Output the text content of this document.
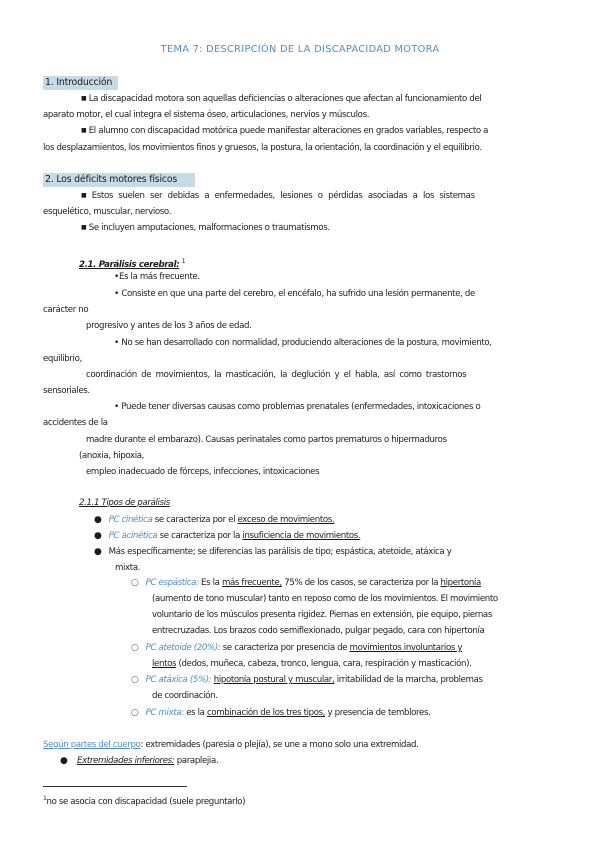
TEMA 7: DESCRIPCIÓN DE LA DISCAPACIDAD MOTORA
1. Introducción
■ La discapacidad motora son aquellas deficiencias o alteraciones que afectan al funcionamiento del
aparato motor, el cual integra el sistema óseo, articulaciones, nervios y músculos.
■ El alumno con discapacidad motórica puede manifestar alteraciones en grados variables, respecto a
los desplazamientos, los movimientos finos y gruesos, la postura, la orientación, la coordinación y el equilibrio.
2. Los déficits motores físicos
■ Estos suelen ser debidas a enfermedades, lesiones o pérdidas asociadas a los sistemas
esquelético, muscular, nervioso.
■ Se incluyen amputaciones, malformaciones o traumatismos.
2.1. Parálisis cerebral: $^1$
•Es la más frecuente.
• Consiste en que una parte del cerebro, el encéfalo, ha sufrido una lesión permanente, de
carácter no
progresivo y antes de los 3 años de edad.
• No se han desarrollado con normalidad, produciendo alteraciones de la postura, movimiento,
equilibrio,
coordinación de movimientos, la masticación, la deglución y el habla, así como trastornos
sensoriales.
• Puede tener diversas causas como problemas prenatales (enfermedades, intoxicaciones o
accidentes de la
madre durante el embarazo). Causas perinatales como partos prematuros o hipermaduros
(anoxia, hipoxia,
empleo inadecuado de fórceps, infecciones, intoxicaciones
2.1.1 Tipos de parálisis
● PC cinética se caracteriza por el exceso de movimientos.
● PC acinética se caracteriza por la insuficiencia de movimientos.
● Más específicamente; se diferencias las parálisis de tipo; espástica, atetoide, atáxica y
mixta.
○ PC espástica: Es la más frecuente, 75% de los casos, se caracteriza por la hipertonía
(aumento de tono muscular) tanto en reposo como de los movimientos. El movimiento
voluntario de los músculos presenta rigidez. Piernas en extensión, pie equipo, piernas
entrecruzadas. Los brazos codo semiflexionado, pulgar pegado, cara con hipertonía
○ PC atetoide (20%): se caracteriza por presencia de movimientos involuntarios y
lentos (dedos, muñeca, cabeza, tronco, lengua, cara, respiración y masticación).
○ PC atáxica (5%): hipotonía postural y muscular, irritabilidad de la marcha, problemas
de coordinación.
○ PC mixta: es la combinación de los tres tipos, y presencia de temblores.
Según partes del cuerpo: extremidades (paresia o plejía), se une a mono solo una extremidad.
● Extremidades inferiores: paraplejia.
$^1$no se asocia con discapacidad (suele preguntarlo)
